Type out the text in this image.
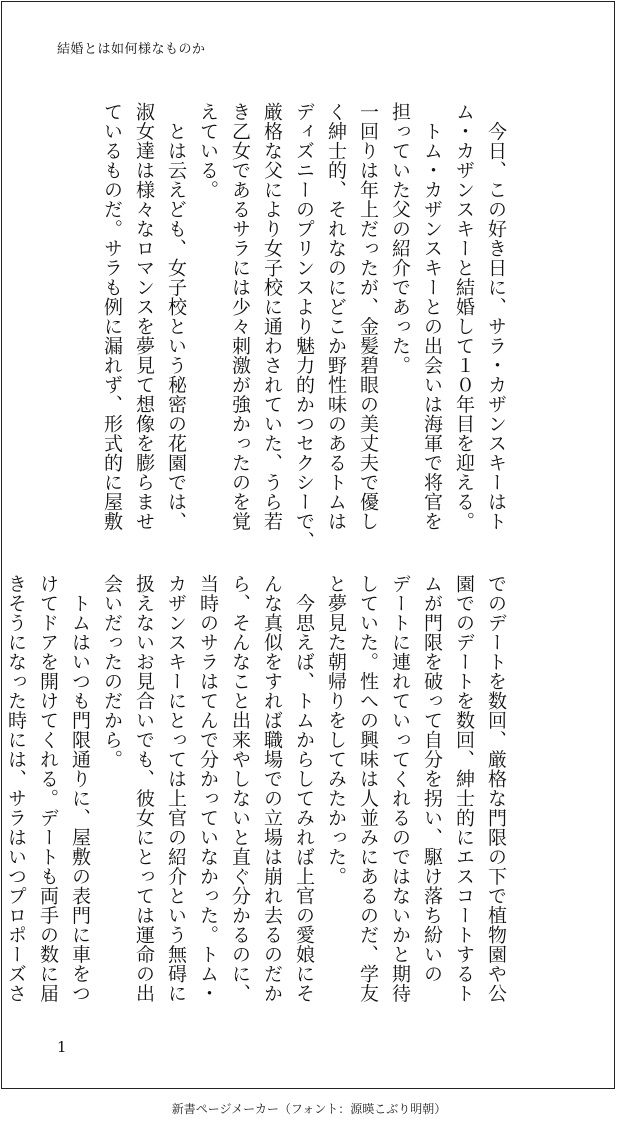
結婚とは如何様なものか
　今日、この好き日に、サラ・カザンスキーはト
ム・カザンスキーと結婚して１０年目を迎える。
　トム・カザンスキーとの出会いは海軍で将官を
担っていた父の紹介であった。
一回りは年上だったが、金髪碧眼の美丈夫で優し
く紳士的、それなのにどこか野性味のあるトムは
ディズニーのプリンスより魅力的かつセクシーで、
厳格な父により女子校に通わされていた、うら若
き乙女であるサラには少々刺激が強かったのを覚
えている。
　とは云えども、女子校という秘密の花園では、
淑女達は様々なロマンスを夢見て想像を膨らませ
ているものだ。サラも例に漏れず、形式的に屋敷
でのデートを数回、厳格な門限の下で植物園や公
園でのデートを数回、紳士的にエスコートするト
ムが門限を破って自分を拐い、駆け落ち紛いの
デートに連れていってくれるのではないかと期待
していた。性への興味は人並みにあるのだ、学友
と夢見た朝帰りをしてみたかった。
　今思えば、トムからしてみれば上官の愛娘にそ
んな真似をすれば職場での立場は崩れ去るのだか
ら、そんなこと出来やしないと直ぐ分かるのに、
当時のサラはてんで分かっていなかった。トム・
カザンスキーにとっては上官の紹介という無碍に
扱えないお見合いでも、彼女にとっては運命の出
会いだったのだから。
　トムはいつも門限通りに、屋敷の表門に車をつ
けてドアを開けてくれる。デートも両手の数に届
きそうになった時には、サラはいつプロポーズさ
1
新書ページメーカー（フォント：源暎こぶり明朝）
